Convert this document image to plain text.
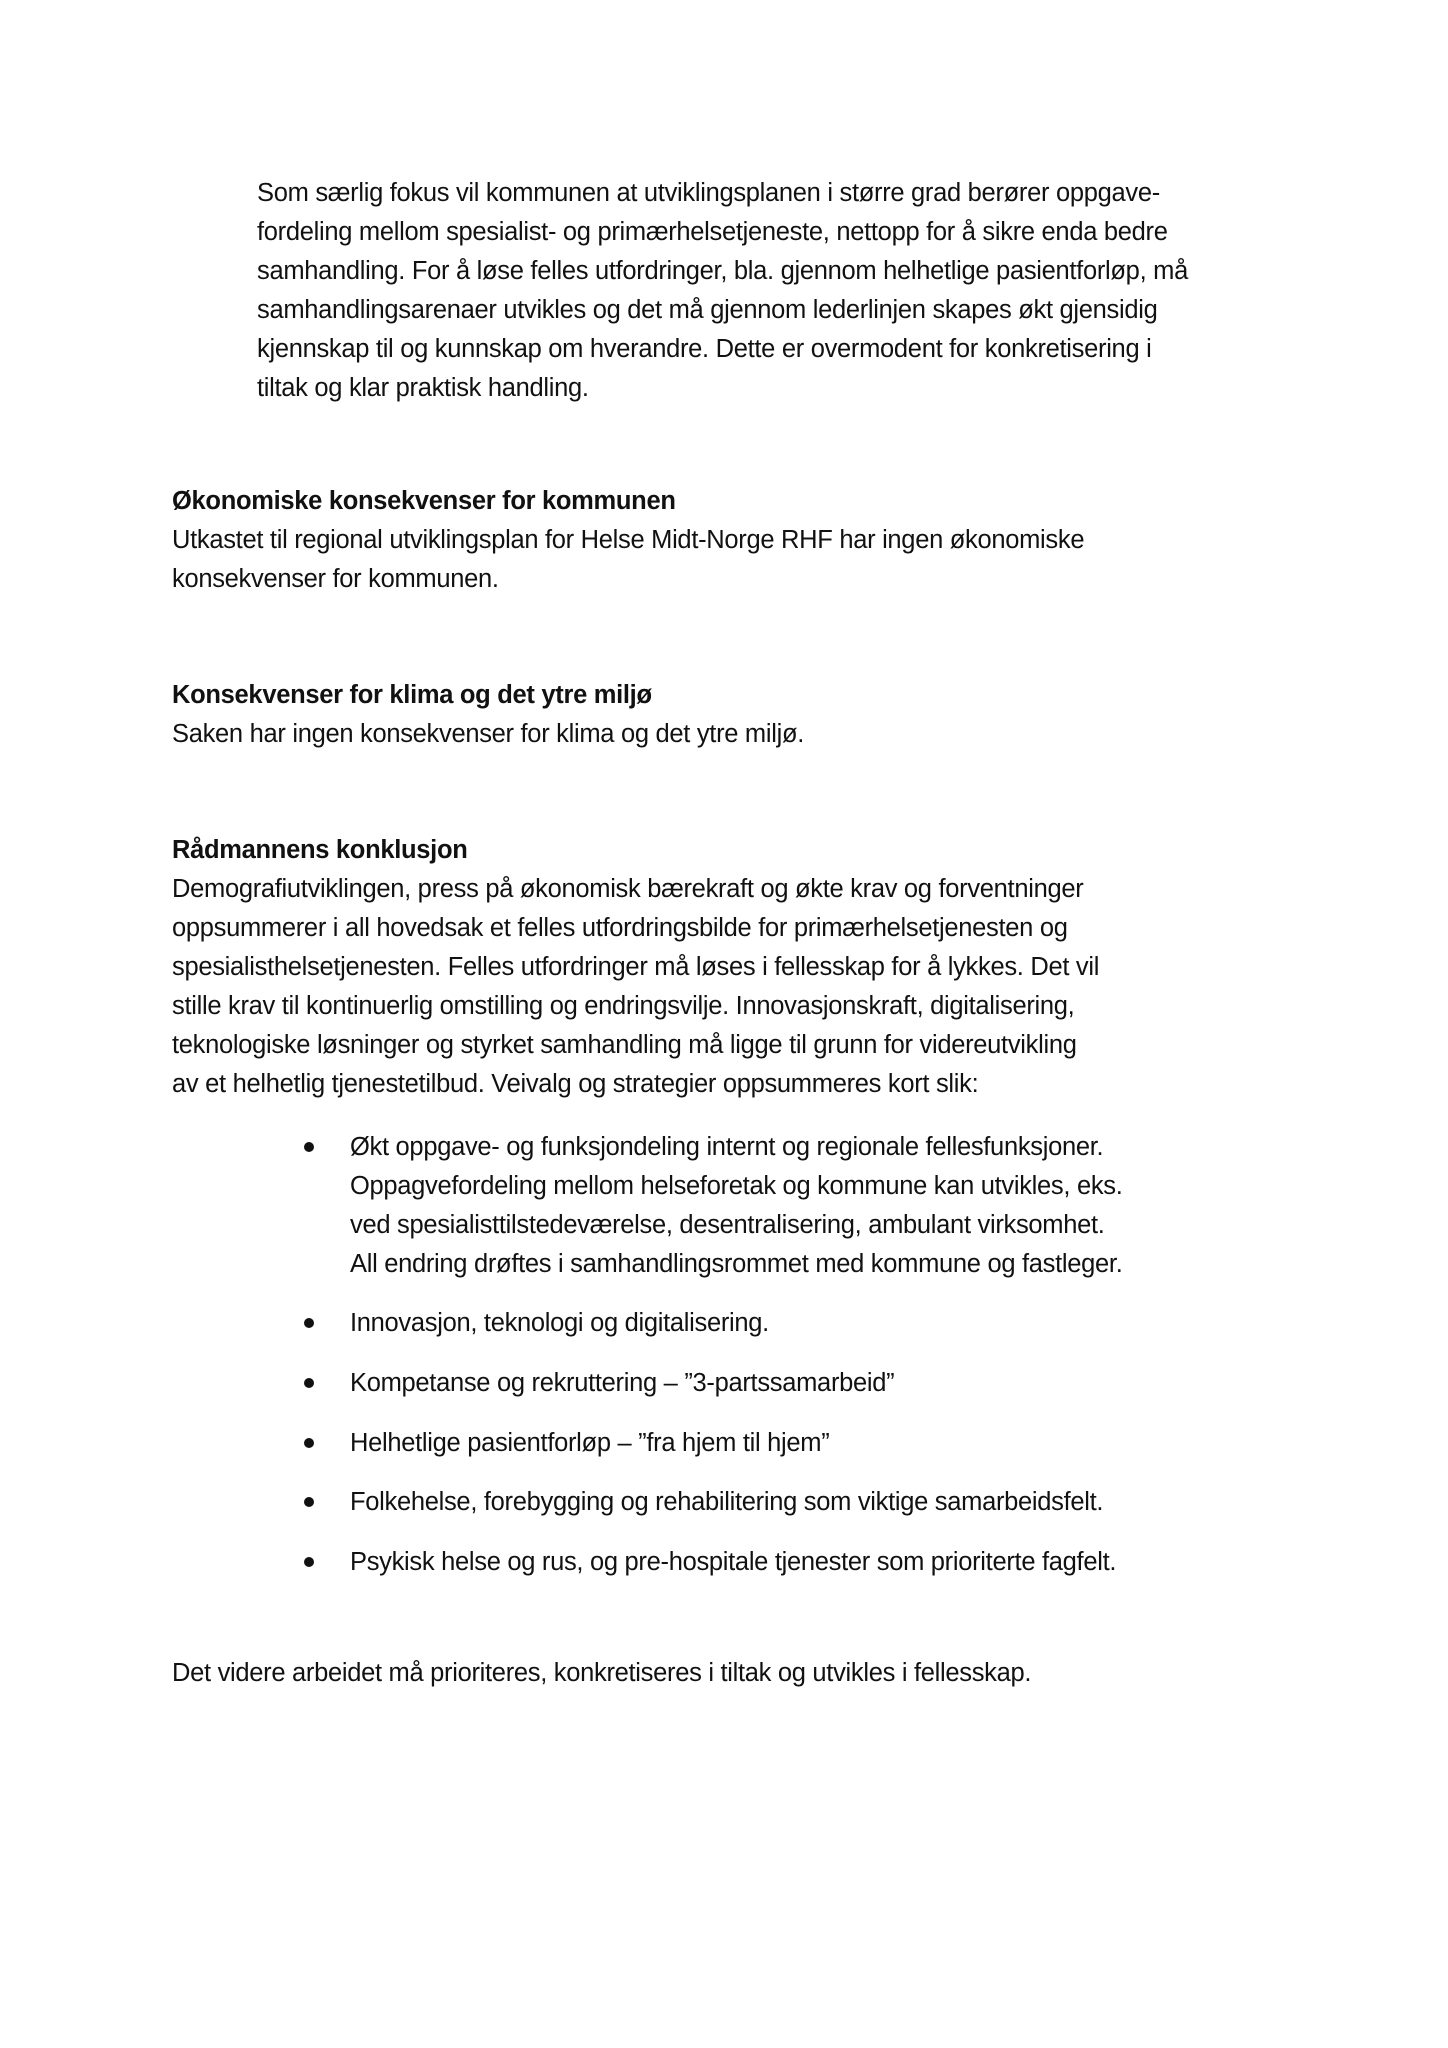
Som særlig fokus vil kommunen at utviklingsplanen i større grad berører oppgave-
fordeling mellom spesialist- og primærhelsetjeneste, nettopp for å sikre enda bedre
samhandling. For å løse felles utfordringer, bla. gjennom helhetlige pasientforløp, må
samhandlingsarenaer utvikles og det må gjennom lederlinjen skapes økt gjensidig
kjennskap til og kunnskap om hverandre. Dette er overmodent for konkretisering i
tiltak og klar praktisk handling.
Økonomiske konsekvenser for kommunen
Utkastet til regional utviklingsplan for Helse Midt-Norge RHF har ingen økonomiske
konsekvenser for kommunen.
Konsekvenser for klima og det ytre miljø
Saken har ingen konsekvenser for klima og det ytre miljø.
Rådmannens konklusjon
Demografiutviklingen, press på økonomisk bærekraft og økte krav og forventninger
oppsummerer i all hovedsak et felles utfordringsbilde for primærhelsetjenesten og
spesialisthelsetjenesten. Felles utfordringer må løses i fellesskap for å lykkes. Det vil
stille krav til kontinuerlig omstilling og endringsvilje. Innovasjonskraft, digitalisering,
teknologiske løsninger og styrket samhandling må ligge til grunn for videreutvikling
av et helhetlig tjenestetilbud. Veivalg og strategier oppsummeres kort slik:
Økt oppgave- og funksjondeling internt og regionale fellesfunksjoner.
Oppagvefordeling mellom helseforetak og kommune kan utvikles, eks.
ved spesialisttilstedeværelse, desentralisering, ambulant virksomhet.
All endring drøftes i samhandlingsrommet med kommune og fastleger.
Innovasjon, teknologi og digitalisering.
Kompetanse og rekruttering – ”3-partssamarbeid”
Helhetlige pasientforløp – ”fra hjem til hjem”
Folkehelse, forebygging og rehabilitering som viktige samarbeidsfelt.
Psykisk helse og rus, og pre-hospitale tjenester som prioriterte fagfelt.
Det videre arbeidet må prioriteres, konkretiseres i tiltak og utvikles i fellesskap.
